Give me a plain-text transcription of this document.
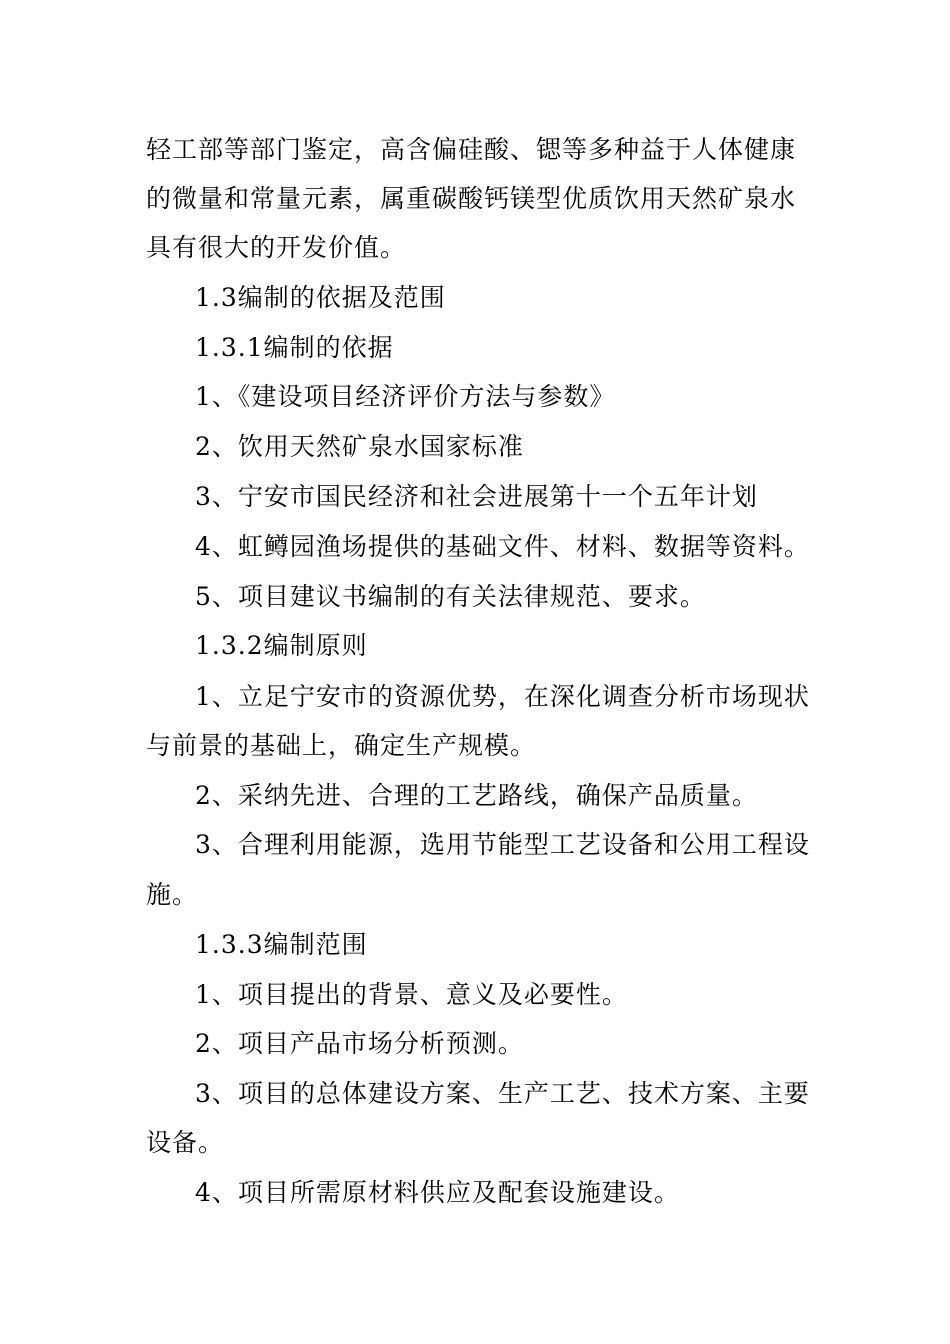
轻工部等部门鉴定，高含偏硅酸、锶等多种益于人体健康
的微量和常量元素，属重碳酸钙镁型优质饮用天然矿泉水
具有很大的开发价值。
1.3编制的依据及范围
1.3.1编制的依据
1、《建设项目经济评价方法与参数》
2、饮用天然矿泉水国家标准
3、宁安市国民经济和社会进展第十一个五年计划
4、虹鳟园渔场提供的基础文件、材料、数据等资料。
5、项目建议书编制的有关法律规范、要求。
1.3.2编制原则
1、立足宁安市的资源优势，在深化调查分析市场现状
与前景的基础上，确定生产规模。
2、采纳先进、合理的工艺路线，确保产品质量。
3、合理利用能源，选用节能型工艺设备和公用工程设
施。
1.3.3编制范围
1、项目提出的背景、意义及必要性。
2、项目产品市场分析预测。
3、项目的总体建设方案、生产工艺、技术方案、主要
设备。
4、项目所需原材料供应及配套设施建设。
